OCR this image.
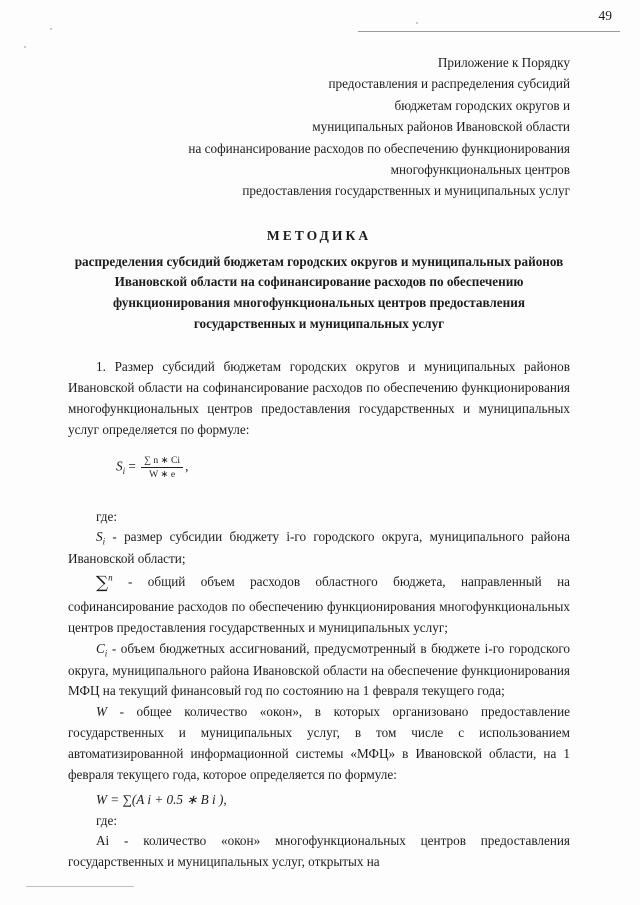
49
Приложение к Порядку
предоставления и распределения субсидий
бюджетам городских округов и
муниципальных районов Ивановской области
на софинансирование расходов по обеспечению функционирования
многофункциональных центров
предоставления государственных и муниципальных услуг
МЕТОДИКА
распределения субсидий бюджетам городских округов и муниципальных районов Ивановской области на софинансирование расходов по обеспечению функционирования многофункциональных центров предоставления государственных и муниципальных услуг

1. Размер субсидий бюджетам городских округов и муниципальных районов Ивановской области на софинансирование расходов по обеспечению функционирования многофункциональных центров предоставления государственных и муниципальных услуг определяется по формуле:

$S_i = \frac{\sum n ∗ Ci}{W ∗ e}$ ,
где:

$S_i$ - размер субсидии бюджету i-го городского округа, муниципального района Ивановской области;

∑$^n$ - общий объем расходов областного бюджета, направленный на софинансирование расходов по обеспечению функционирования многофункциональных центров предоставления государственных и муниципальных услуг;

$C_i$ - объем бюджетных ассигнований, предусмотренный в бюджете i-го городского округа, муниципального района Ивановской области на обеспечение функционирования МФЦ на текущий финансовый год по состоянию на 1 февраля текущего года;

W - общее количество «окон», в которых организовано предоставление государственных и муниципальных услуг, в том числе с использованием автоматизированной информационной системы «МФЦ» в Ивановской области, на 1 февраля текущего года, которое определяется по формуле:

W = ∑(A i + 0.5 ∗ B i ),
где:

Ai - количество «окон» многофункциональных центров предоставления государственных и муниципальных услуг, открытых на
